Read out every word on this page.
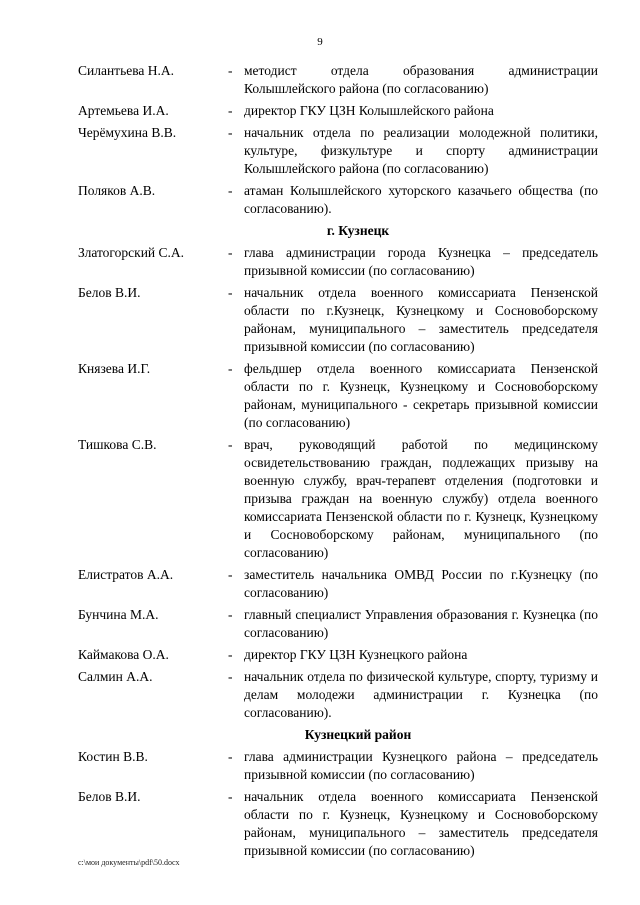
9
Силантьева Н.А.	- методист отдела образования администрации Колышлейского района (по согласованию)
Артемьева И.А.	- директор ГКУ ЦЗН Колышлейского района
Черёмухина В.В.	- начальник отдела по реализации молодежной политики, культуре, физкультуре и спорту администрации Колышлейского района (по согласованию)
Поляков А.В.	- атаман Колышлейского хуторского казачьего общества (по согласованию).
г. Кузнецк
Златогорский С.А.	- глава администрации города Кузнецка – председатель призывной комиссии (по согласованию)
Белов В.И.	- начальник отдела военного комиссариата Пензенской области по г.Кузнецк, Кузнецкому и Сосновоборскому районам, муниципального – заместитель председателя призывной комиссии (по согласованию)
Князева И.Г.	- фельдшер отдела военного комиссариата Пензенской области по г. Кузнецк, Кузнецкому и Сосновоборскому районам, муниципального - секретарь призывной комиссии (по согласованию)
Тишкова С.В.	- врач, руководящий работой по медицинскому освидетельствованию граждан, подлежащих призыву на военную службу, врач-терапевт отделения (подготовки и призыва граждан на военную службу) отдела военного комиссариата Пензенской области по г. Кузнецк, Кузнецкому и Сосновоборскому районам, муниципального (по согласованию)
Елистратов А.А.	- заместитель начальника ОМВД России по г.Кузнецку (по согласованию)
Бунчина М.А.	- главный специалист Управления образования г. Кузнецка (по согласованию)
Каймакова О.А.	- директор ГКУ ЦЗН Кузнецкого района
Салмин А.А.	- начальник отдела по физической культуре, спорту, туризму и делам молодежи администрации г. Кузнецка (по согласованию).
Кузнецкий район
Костин В.В.	- глава администрации Кузнецкого района – председатель призывной комиссии (по согласованию)
Белов В.И.	- начальник отдела военного комиссариата Пензенской области по г. Кузнецк, Кузнецкому и Сосновоборскому районам, муниципального – заместитель председателя призывной комиссии (по согласованию)
c:\мои документы\pdf\50.docx
